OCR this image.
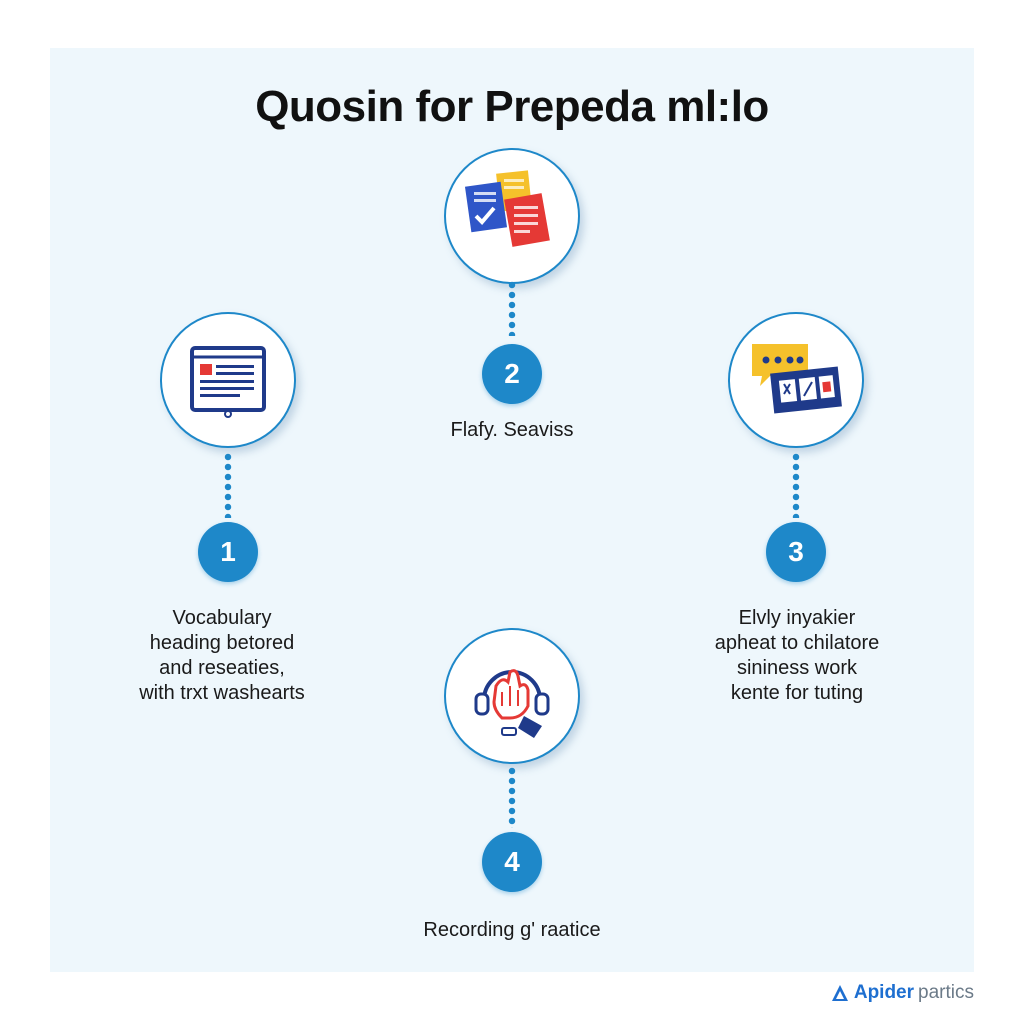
Quosin for Prepeda ml:lo
2
Flafy. Seaviss
1
Vocabulary
heading betored
and reseaties,
with trxt washearts
3
Elvly inyakier
apheat to chilatore
sininess work
kente for tuting
4
Recording g' raatice
Apider partics
